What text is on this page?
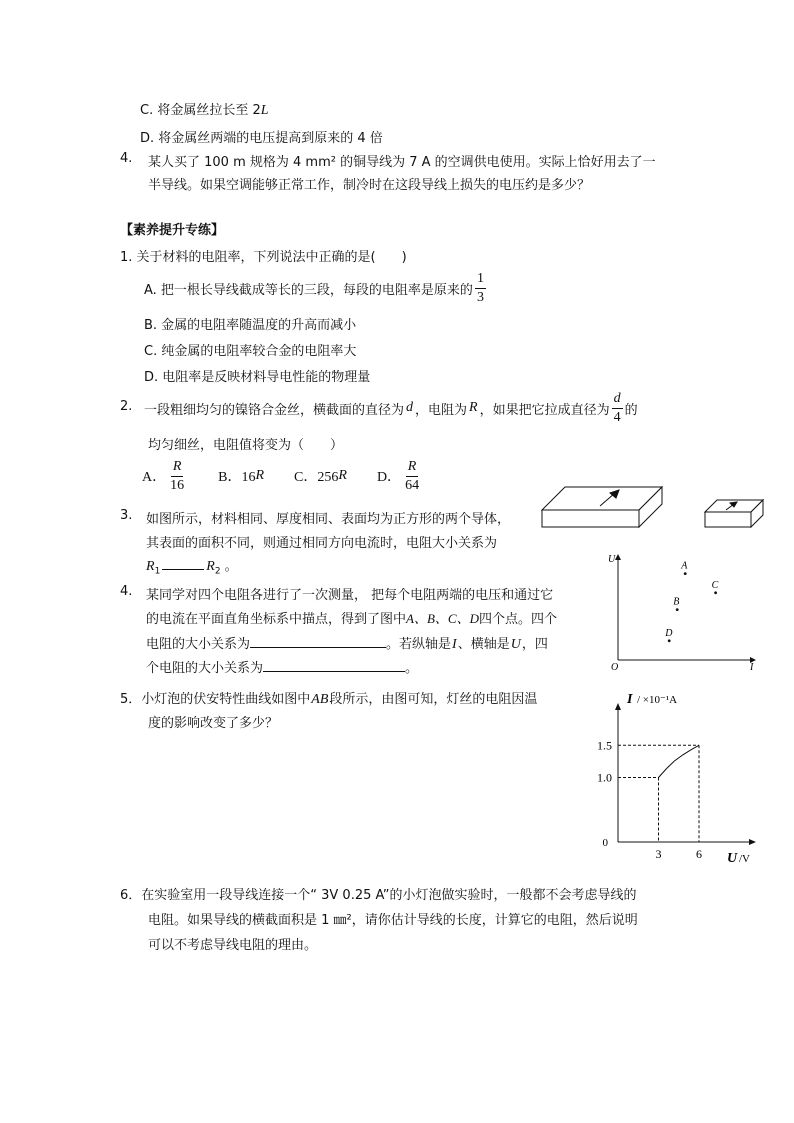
C. 将金属丝拉长至 2L
D. 将金属丝两端的电压提高到原来的 4 倍
4. 某人买了 100 m 规格为 4 mm² 的铜导线为 7 A 的空调供电使用。实际上恰好用去了一
半导线。如果空调能够正常工作，制冷时在这段导线上损失的电压约是多少？
【素养提升专练】
1. 关于材料的电阻率，下列说法中正确的是(　　)
A. 把一根长导线截成等长的三段，每段的电阻率是原来的 $\frac{1}{3}$
B. 金属的电阻率随温度的升高而减小
C. 纯金属的电阻率较合金的电阻率大
D. 电阻率是反映材料导电性能的物理量
2. 一段粗细均匀的镍铬合金丝，横截面的直径为 d ，电阻为 R ，如果把它拉成直径为 $\frac{d}{4}$ 的
均匀细丝，电阻值将变为（　　）
A． $\frac{R}{16}$ B．16 R C．256 R D． $\frac{R}{64}$
3. 如图所示，材料相同、厚度相同、表面均为正方形的两个导体，
其表面的面积不同，则通过相同方向电流时，电阻大小关系为
$R_1$	$R_2$ 。
4. 某同学对四个电阻各进行了一次测量， 把每个电阻两端的电压和通过它
的电流在平面直角坐标系中描点，得到了图中A、B、C、D四个点。四个
电阻的大小关系为	。若纵轴是I、横轴是U，四
个电阻的大小关系为	。
U
I
O
A
B
C
D
5．小灯泡的伏安特性曲线如图中AB段所示，由图可知，灯丝的电阻因温
度的影响改变了多少？
I / ×10⁻¹A
U /V
0
1.0
1.5
3	6
6．在实验室用一段导线连接一个“ 3V 0.25 A”的小灯泡做实验时，一般都不会考虑导线的
电阻。如果导线的横截面积是 1 ㎜²，请你估计导线的长度，计算它的电阻，然后说明
可以不考虑导线电阻的理由。
